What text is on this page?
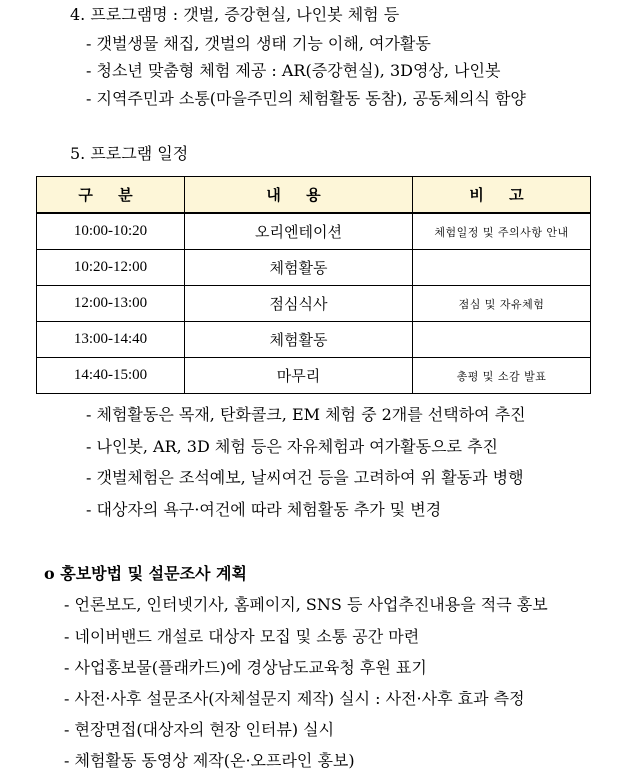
4. 프로그램명 : 갯벌, 증강현실, 나인봇 체험 등
- 갯벌생물 채집, 갯벌의 생태 기능 이해, 여가활동
- 청소년 맞춤형 체험 제공 : AR(증강현실), 3D영상, 나인봇
- 지역주민과 소통(마을주민의 체험활동 동참), 공동체의식 함양
5. 프로그램 일정
구 분	내 용	비 고
10:00-10:20	오리엔테이션	체험일정 및 주의사항 안내
10:20-12:00	체험활동	
12:00-13:00	점심식사	점심 및 자유체험
13:00-14:40	체험활동	
14:40-15:00	마무리	총평 및 소감 발표
- 체험활동은 목재, 탄화콜크, EM 체험 중 2개를 선택하여 추진
- 나인봇, AR, 3D 체험 등은 자유체험과 여가활동으로 추진
- 갯벌체험은 조석예보, 날씨여건 등을 고려하여 위 활동과 병행
- 대상자의 욕구·여건에 따라 체험활동 추가 및 변경
o 홍보방법 및 설문조사 계획
- 언론보도, 인터넷기사, 홈페이지, SNS 등 사업추진내용을 적극 홍보
- 네이버밴드 개설로 대상자 모집 및 소통 공간 마련
- 사업홍보물(플래카드)에 경상남도교육청 후원 표기
- 사전·사후 설문조사(자체설문지 제작) 실시 : 사전·사후 효과 측정
- 현장면접(대상자의 현장 인터뷰) 실시
- 체험활동 동영상 제작(온·오프라인 홍보)
